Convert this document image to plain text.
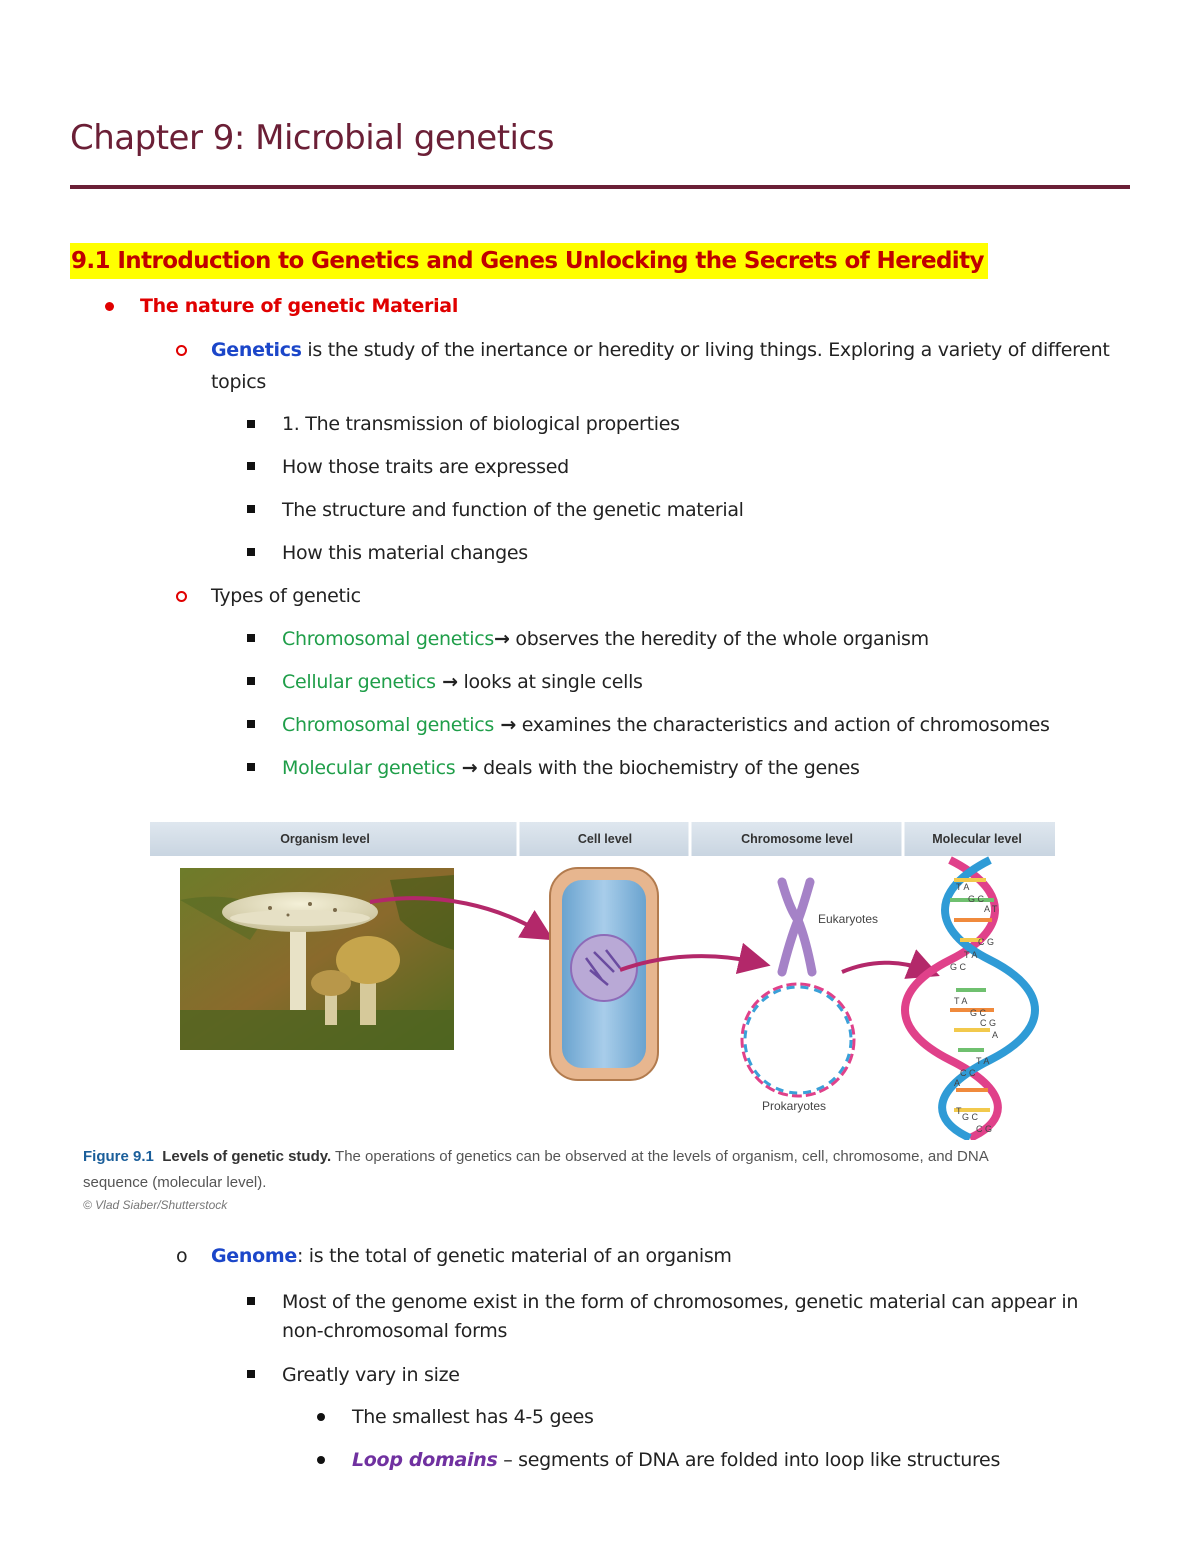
Chapter 9: Microbial genetics
9.1 Introduction to Genetics and Genes Unlocking the Secrets of Heredity
The nature of genetic Material
Genetics is the study of the inertance or heredity or living things. Exploring a variety of different
topics
1. The transmission of biological properties
How those traits are expressed
The structure and function of the genetic material
How this material changes
Types of genetic
Chromosomal genetics→ observes the heredity of the whole organism
Cellular genetics → looks at single cells
Chromosomal genetics → examines the characteristics and action of chromosomes
Molecular genetics → deals with the biochemistry of the genes
Organism level	Cell level	Chromosome level	Molecular level
Eukaryotes
Prokaryotes
T A
G C
A T
C G
T A
G C
T A
G C
C G
A
T A
C C
A
T
G C
C G
Figure 9.1 Levels of genetic study. The operations of genetics can be observed at the levels of organism, cell, chromosome, and DNA
sequence (molecular level).
© Vlad Siaber/Shutterstock
o Genome: is the total of genetic material of an organism
Most of the genome exist in the form of chromosomes, genetic material can appear in
non-chromosomal forms
Greatly vary in size
The smallest has 4-5 gees
Loop domains – segments of DNA are folded into loop like structures
